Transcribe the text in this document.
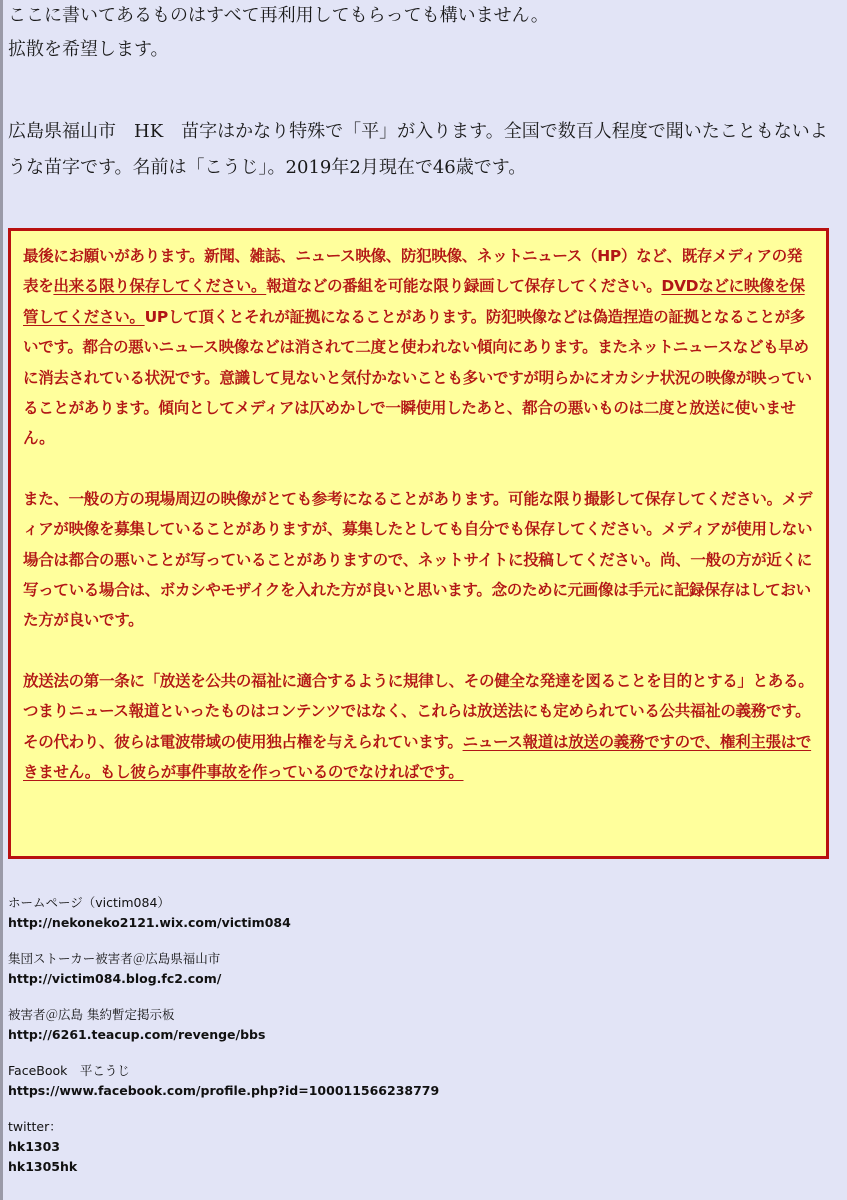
ここに書いてあるものはすべて再利用してもらっても構いません。

拡散を希望します。

広島県福山市　HK　苗字はかなり特殊で「平」が入ります。全国で数百人程度で聞いたこともないような苗字です。名前は「こうじ」。2019年2月現在で46歳です。

最後にお願いがあります。新聞、雑誌、ニュース映像、防犯映像、ネットニュース（HP）など、既存メディアの発表を出来る限り保存してください。報道などの番組を可能な限り録画して保存してください。DVDなどに映像を保管してください。UPして頂くとそれが証拠になることがあります。防犯映像などは偽造捏造の証拠となることが多いです。都合の悪いニュース映像などは消されて二度と使われない傾向にあります。またネットニュースなども早めに消去されている状況です。意識して見ないと気付かないことも多いですが明らかにオカシナ状況の映像が映っていることがあります。傾向としてメディアは仄めかしで一瞬使用したあと、都合の悪いものは二度と放送に使いません。

また、一般の方の現場周辺の映像がとても参考になることがあります。可能な限り撮影して保存してください。メディアが映像を募集していることがありますが、募集したとしても自分でも保存してください。メディアが使用しない場合は都合の悪いことが写っていることがありますので、ネットサイトに投稿してください。尚、一般の方が近くに写っている場合は、ボカシやモザイクを入れた方が良いと思います。念のために元画像は手元に記録保存はしておいた方が良いです。

放送法の第一条に「放送を公共の福祉に適合するように規律し、その健全な発達を図ることを目的とする」とある。つまりニュース報道といったものはコンテンツではなく、これらは放送法にも定められている公共福祉の義務です。その代わり、彼らは電波帯域の使用独占権を与えられています。ニュース報道は放送の義務ですので、権利主張はできません。もし彼らが事件事故を作っているのでなければです。

ホームページ（victim084）
http://nekoneko2121.wix.com/victim084
集団ストーカー被害者＠広島県福山市
http://victim084.blog.fc2.com/
被害者＠広島 集約暫定掲示板
http://6261.teacup.com/revenge/bbs
FaceBook　平こうじ
https://www.facebook.com/profile.php?id=100011566238779
twitter：
hk1303
hk1305hk
